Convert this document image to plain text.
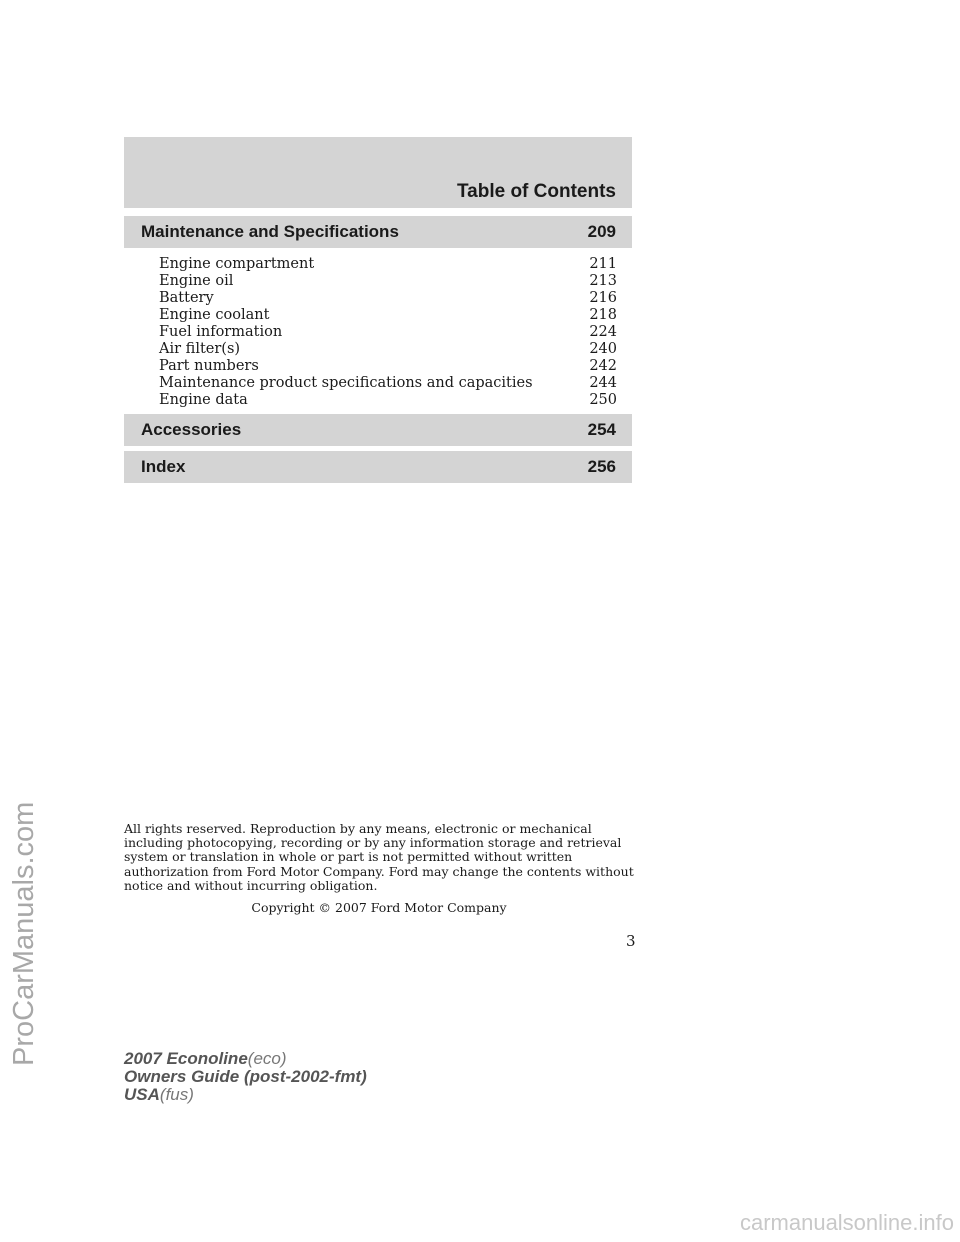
Table of Contents
Maintenance and Specifications	209
Engine compartment	211
Engine oil	213
Battery	216
Engine coolant	218
Fuel information	224
Air filter(s)	240
Part numbers	242
Maintenance product specifications and capacities	244
Engine data	250
Accessories	254
Index	256

All rights reserved. Reproduction by any means, electronic or mechanical including photocopying, recording or by any information storage and retrieval system or translation in whole or part is not permitted without written authorization from Ford Motor Company. Ford may change the contents without notice and without incurring obligation.

Copyright © 2007 Ford Motor Company
3
2007 Econoline(eco)
Owners Guide (post-2002-fmt)
USA(fus)
ProCarManuals.com
carmanualsonline.info
